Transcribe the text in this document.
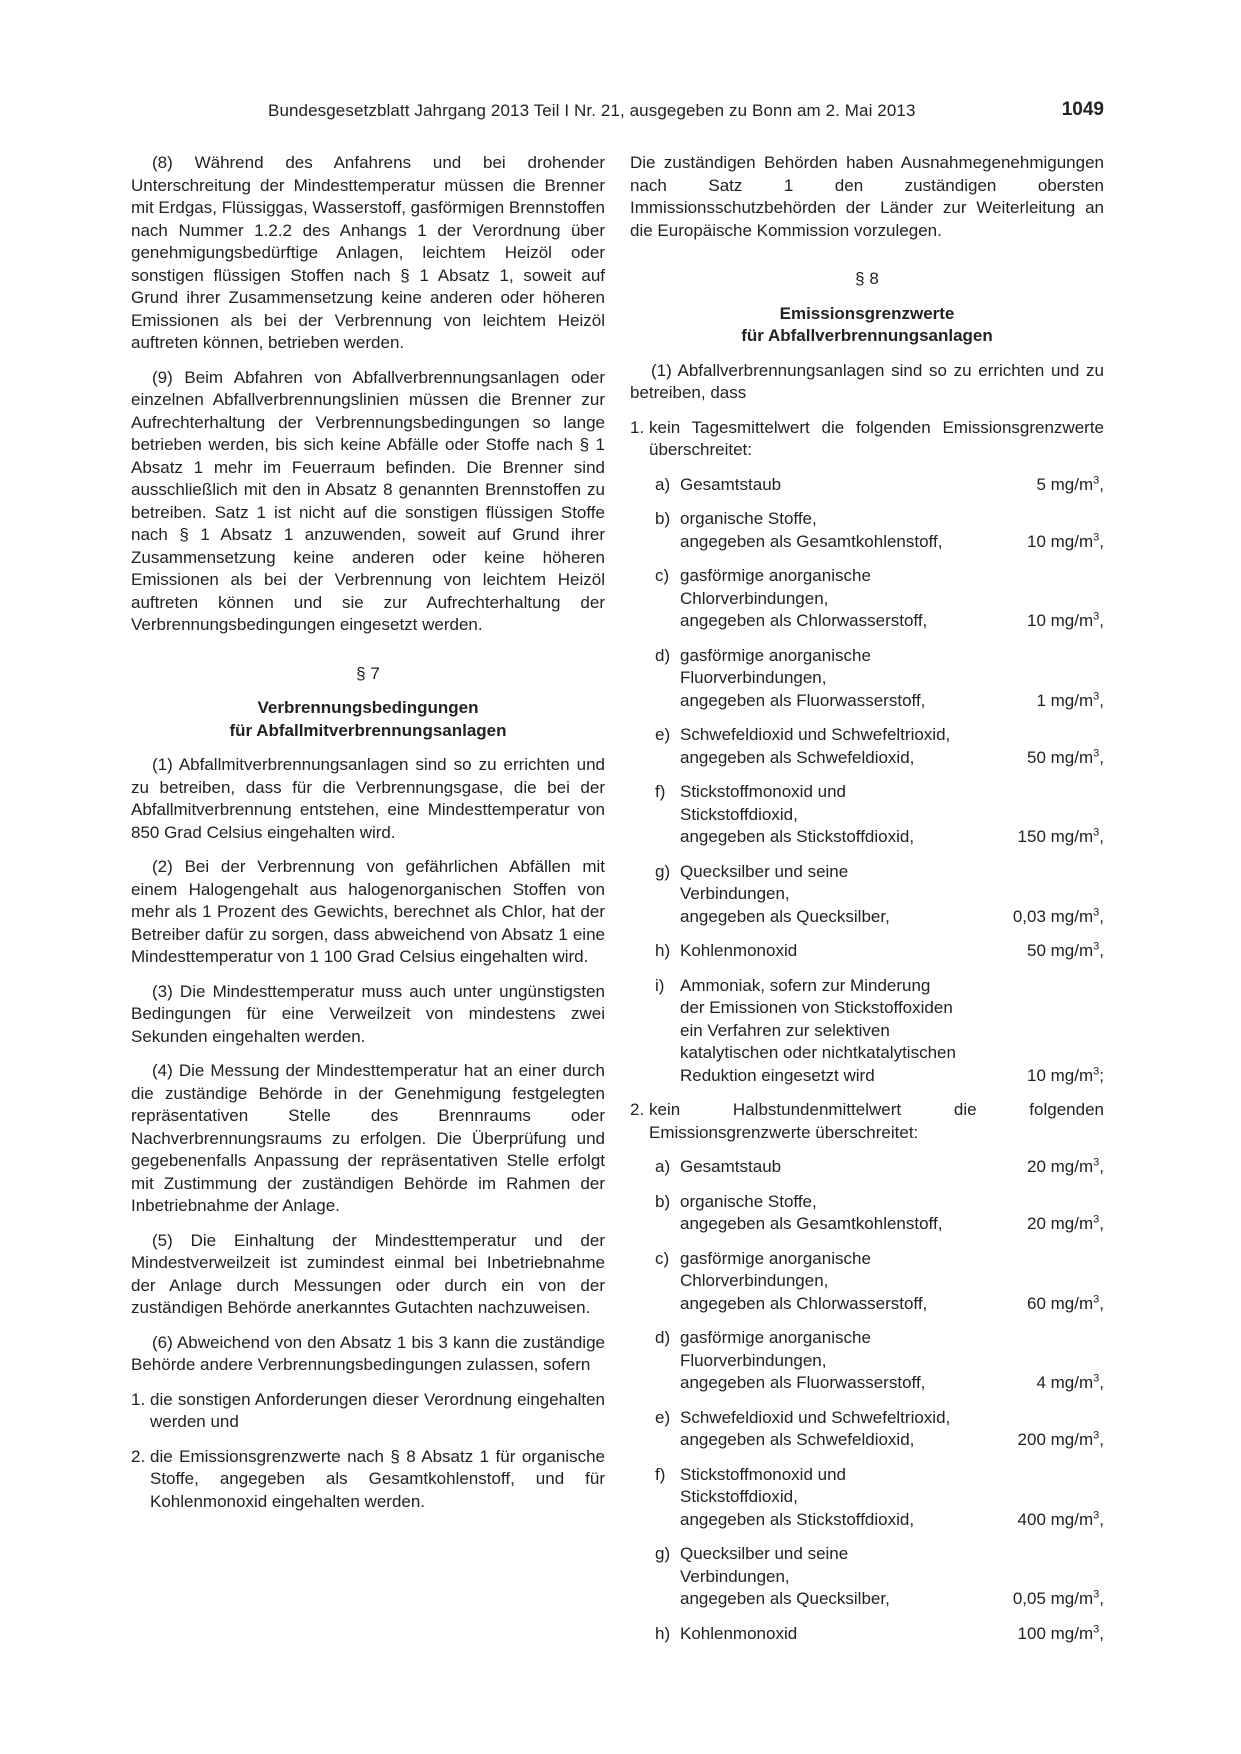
Bundesgesetzblatt Jahrgang 2013 Teil I Nr. 21, ausgegeben zu Bonn am 2. Mai 2013	1049

(8) Während des Anfahrens und bei drohender Unterschreitung der Mindesttemperatur müssen die Brenner mit Erdgas, Flüssiggas, Wasserstoff, gasförmigen Brennstoffen nach Nummer 1.2.2 des Anhangs 1 der Verordnung über genehmigungsbedürftige Anlagen, leichtem Heizöl oder sonstigen flüssigen Stoffen nach § 1 Absatz 1, soweit auf Grund ihrer Zusammensetzung keine anderen oder höheren Emissionen als bei der Verbrennung von leichtem Heizöl auftreten können, betrieben werden.

(9) Beim Abfahren von Abfallverbrennungsanlagen oder einzelnen Abfallverbrennungslinien müssen die Brenner zur Aufrechterhaltung der Verbrennungsbedingungen so lange betrieben werden, bis sich keine Abfälle oder Stoffe nach § 1 Absatz 1 mehr im Feuerraum befinden. Die Brenner sind ausschließlich mit den in Absatz 8 genannten Brennstoffen zu betreiben. Satz 1 ist nicht auf die sonstigen flüssigen Stoffe nach § 1 Absatz 1 anzuwenden, soweit auf Grund ihrer Zusammensetzung keine anderen oder keine höheren Emissionen als bei der Verbrennung von leichtem Heizöl auftreten können und sie zur Aufrechterhaltung der Verbrennungsbedingungen eingesetzt werden.

§ 7
Verbrennungsbedingungen
für Abfallmitverbrennungsanlagen

(1) Abfallmitverbrennungsanlagen sind so zu errichten und zu betreiben, dass für die Verbrennungsgase, die bei der Abfallmitverbrennung entstehen, eine Mindesttemperatur von 850 Grad Celsius eingehalten wird.

(2) Bei der Verbrennung von gefährlichen Abfällen mit einem Halogengehalt aus halogenorganischen Stoffen von mehr als 1 Prozent des Gewichts, berechnet als Chlor, hat der Betreiber dafür zu sorgen, dass abweichend von Absatz 1 eine Mindesttemperatur von 1 100 Grad Celsius eingehalten wird.

(3) Die Mindesttemperatur muss auch unter ungünstigsten Bedingungen für eine Verweilzeit von mindestens zwei Sekunden eingehalten werden.

(4) Die Messung der Mindesttemperatur hat an einer durch die zuständige Behörde in der Genehmigung festgelegten repräsentativen Stelle des Brennraums oder Nachverbrennungsraums zu erfolgen. Die Überprüfung und gegebenenfalls Anpassung der repräsentativen Stelle erfolgt mit Zustimmung der zuständigen Behörde im Rahmen der Inbetriebnahme der Anlage.

(5) Die Einhaltung der Mindesttemperatur und der Mindestverweilzeit ist zumindest einmal bei Inbetriebnahme der Anlage durch Messungen oder durch ein von der zuständigen Behörde anerkanntes Gutachten nachzuweisen.

(6) Abweichend von den Absatz 1 bis 3 kann die zuständige Behörde andere Verbrennungsbedingungen zulassen, sofern

1. die sonstigen Anforderungen dieser Verordnung eingehalten werden und
2. die Emissionsgrenzwerte nach § 8 Absatz 1 für organische Stoffe, angegeben als Gesamtkohlenstoff, und für Kohlenmonoxid eingehalten werden.

Die zuständigen Behörden haben Ausnahmegenehmigungen nach Satz 1 den zuständigen obersten Immissionsschutzbehörden der Länder zur Weiterleitung an die Europäische Kommission vorzulegen.

§ 8
Emissionsgrenzwerte
für Abfallverbrennungsanlagen

(1) Abfallverbrennungsanlagen sind so zu errichten und zu betreiben, dass

1. kein Tagesmittelwert die folgenden Emissionsgrenzwerte überschreitet:
a) Gesamtstaub	5 $mg/m^3$,
b) organische Stoffe,
angegeben als Gesamtkohlenstoff,	10 $mg/m^3$,
c) gasförmige anorganische
Chlorverbindungen,
angegeben als Chlorwasserstoff,	10 $mg/m^3$,
d) gasförmige anorganische
Fluorverbindungen,
angegeben als Fluorwasserstoff,	1 $mg/m^3$,
e) Schwefeldioxid und Schwefeltrioxid,
angegeben als Schwefeldioxid,	50 $mg/m^3$,
f) Stickstoffmonoxid und
Stickstoffdioxid,
angegeben als Stickstoffdioxid,	150 $mg/m^3$,
g) Quecksilber und seine
Verbindungen,
angegeben als Quecksilber,	0,03 $mg/m^3$,
h) Kohlenmonoxid	50 $mg/m^3$,
i) Ammoniak, sofern zur Minderung
der Emissionen von Stickstoffoxiden
ein Verfahren zur selektiven
katalytischen oder nichtkatalytischen
Reduktion eingesetzt wird	10 $mg/m^3$;
2. kein Halbstundenmittelwert die folgenden Emissionsgrenzwerte überschreitet:
a) Gesamtstaub	20 $mg/m^3$,
b) organische Stoffe,
angegeben als Gesamtkohlenstoff,	20 $mg/m^3$,
c) gasförmige anorganische
Chlorverbindungen,
angegeben als Chlorwasserstoff,	60 $mg/m^3$,
d) gasförmige anorganische
Fluorverbindungen,
angegeben als Fluorwasserstoff,	4 $mg/m^3$,
e) Schwefeldioxid und Schwefeltrioxid,
angegeben als Schwefeldioxid,	200 $mg/m^3$,
f) Stickstoffmonoxid und
Stickstoffdioxid,
angegeben als Stickstoffdioxid,	400 $mg/m^3$,
g) Quecksilber und seine
Verbindungen,
angegeben als Quecksilber,	0,05 $mg/m^3$,
h) Kohlenmonoxid	100 $mg/m^3$,
